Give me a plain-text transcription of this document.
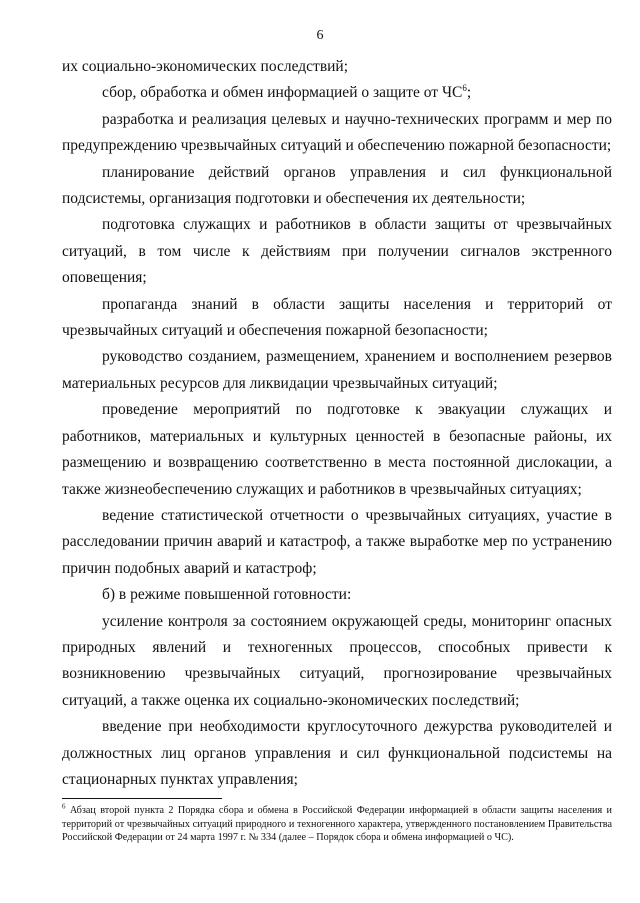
6

их социально-экономических последствий;

сбор, обработка и обмен информацией о защите от $ЧС^6$;

разработка и реализация целевых и научно-технических программ и мер по предупреждению чрезвычайных ситуаций и обеспечению пожарной безопасности;

планирование действий органов управления и сил функциональной подсистемы, организация подготовки и обеспечения их деятельности;

подготовка служащих и работников в области защиты от чрезвычайных ситуаций, в том числе к действиям при получении сигналов экстренного оповещения;

пропаганда знаний в области защиты населения и территорий от чрезвычайных ситуаций и обеспечения пожарной безопасности;

руководство созданием, размещением, хранением и восполнением резервов материальных ресурсов для ликвидации чрезвычайных ситуаций;

проведение мероприятий по подготовке к эвакуации служащих и работников, материальных и культурных ценностей в безопасные районы, их размещению и возвращению соответственно в места постоянной дислокации, а также жизнеобеспечению служащих и работников в чрезвычайных ситуациях;

ведение статистической отчетности о чрезвычайных ситуациях, участие в расследовании причин аварий и катастроф, а также выработке мер по устранению причин подобных аварий и катастроф;

б) в режиме повышенной готовности:

усиление контроля за состоянием окружающей среды, мониторинг опасных природных явлений и техногенных процессов, способных привести к возникновению чрезвычайных ситуаций, прогнозирование чрезвычайных ситуаций, а также оценка их социально-экономических последствий;

введение при необходимости круглосуточного дежурства руководителей и должностных лиц органов управления и сил функциональной подсистемы на стационарных пунктах управления;

$^6$ Абзац второй пункта 2 Порядка сбора и обмена в Российской Федерации информацией в области защиты населения и территорий от чрезвычайных ситуаций природного и техногенного характера, утвержденного постановлением Правительства Российской Федерации от 24 марта 1997 г. № 334 (далее – Порядок сбора и обмена информацией о ЧС).
